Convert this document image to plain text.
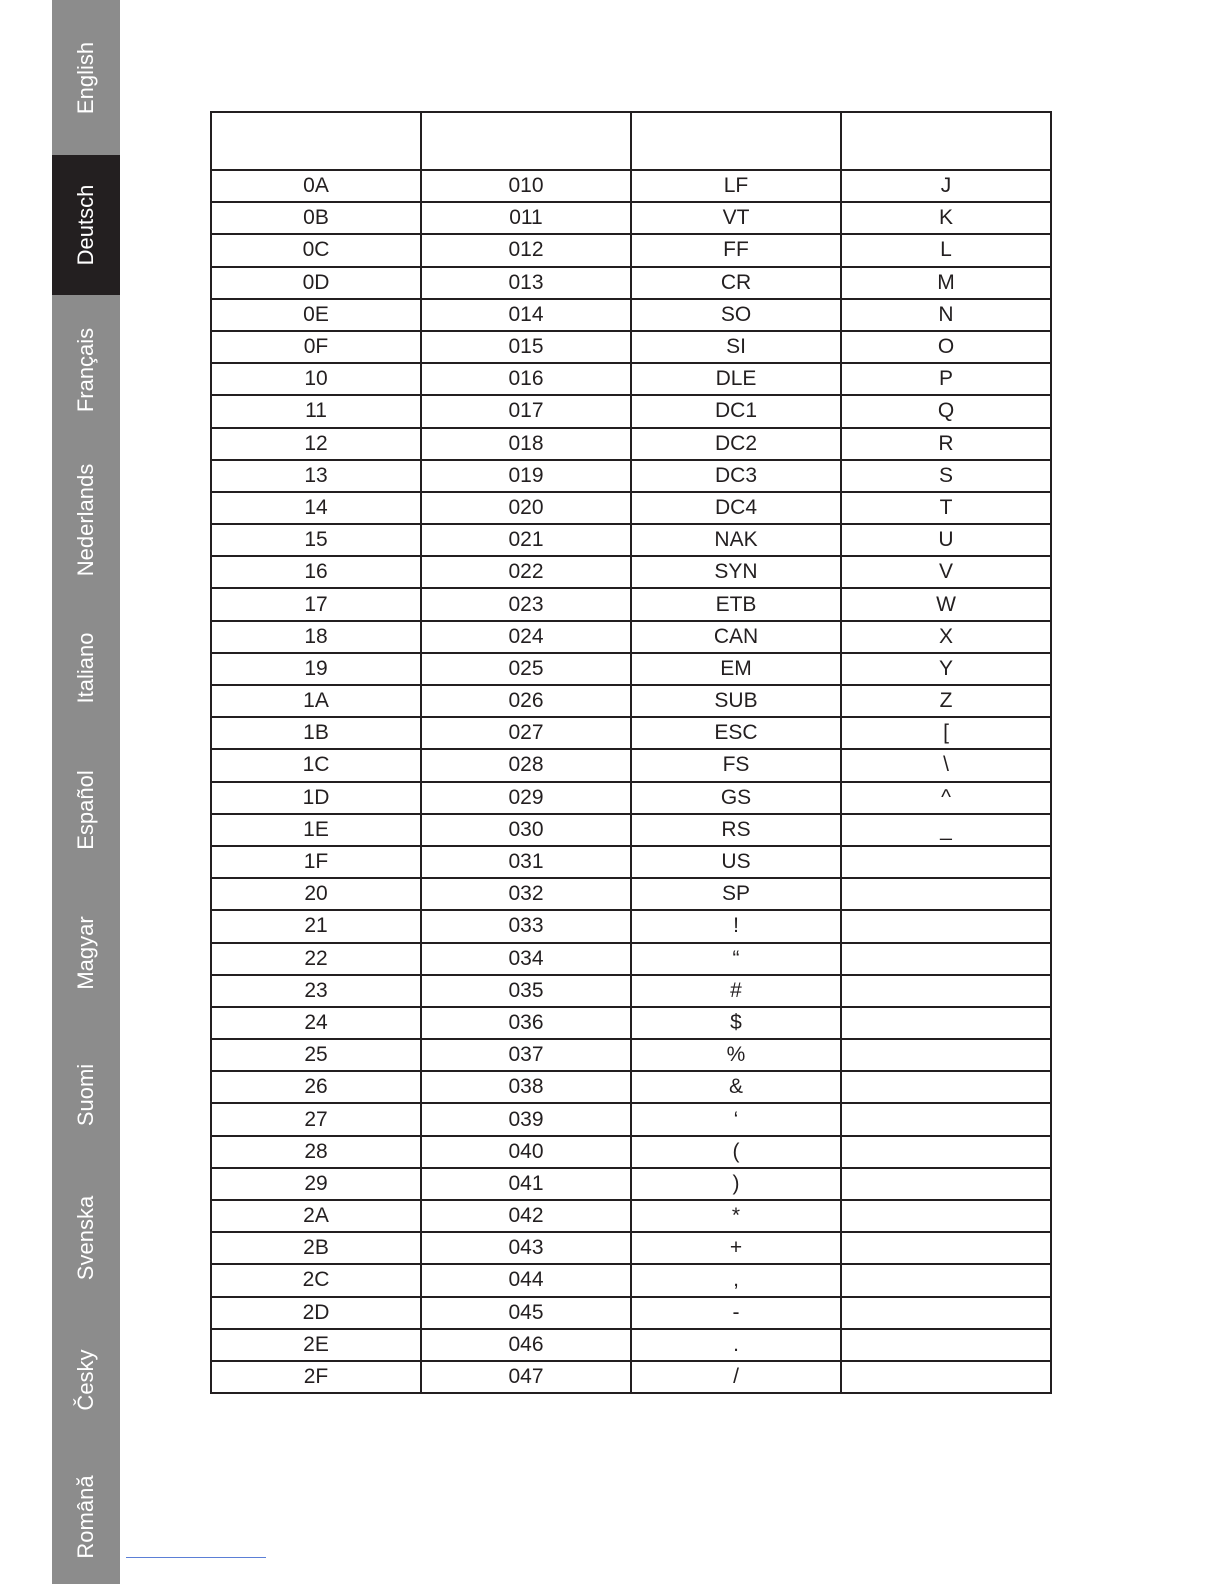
English
Deutsch
Français
Nederlands
Italiano
Español
Magyar
Suomi
Svenska
Česky
Română

0A	010	LF	J
0B	011	VT	K
0C	012	FF	L
0D	013	CR	M
0E	014	SO	N
0F	015	SI	O
10	016	DLE	P
11	017	DC1	Q
12	018	DC2	R
13	019	DC3	S
14	020	DC4	T
15	021	NAK	U
16	022	SYN	V
17	023	ETB	W
18	024	CAN	X
19	025	EM	Y
1A	026	SUB	Z
1B	027	ESC	[
1C	028	FS	\
1D	029	GS	^
1E	030	RS	_
1F	031	US	
20	032	SP	
21	033	!	
22	034	“	
23	035	#	
24	036	$	
25	037	%	
26	038	&	
27	039	‘	
28	040	(	
29	041	)	
2A	042	*	
2B	043	+	
2C	044	,	
2D	045	-	
2E	046	.	
2F	047	/	
